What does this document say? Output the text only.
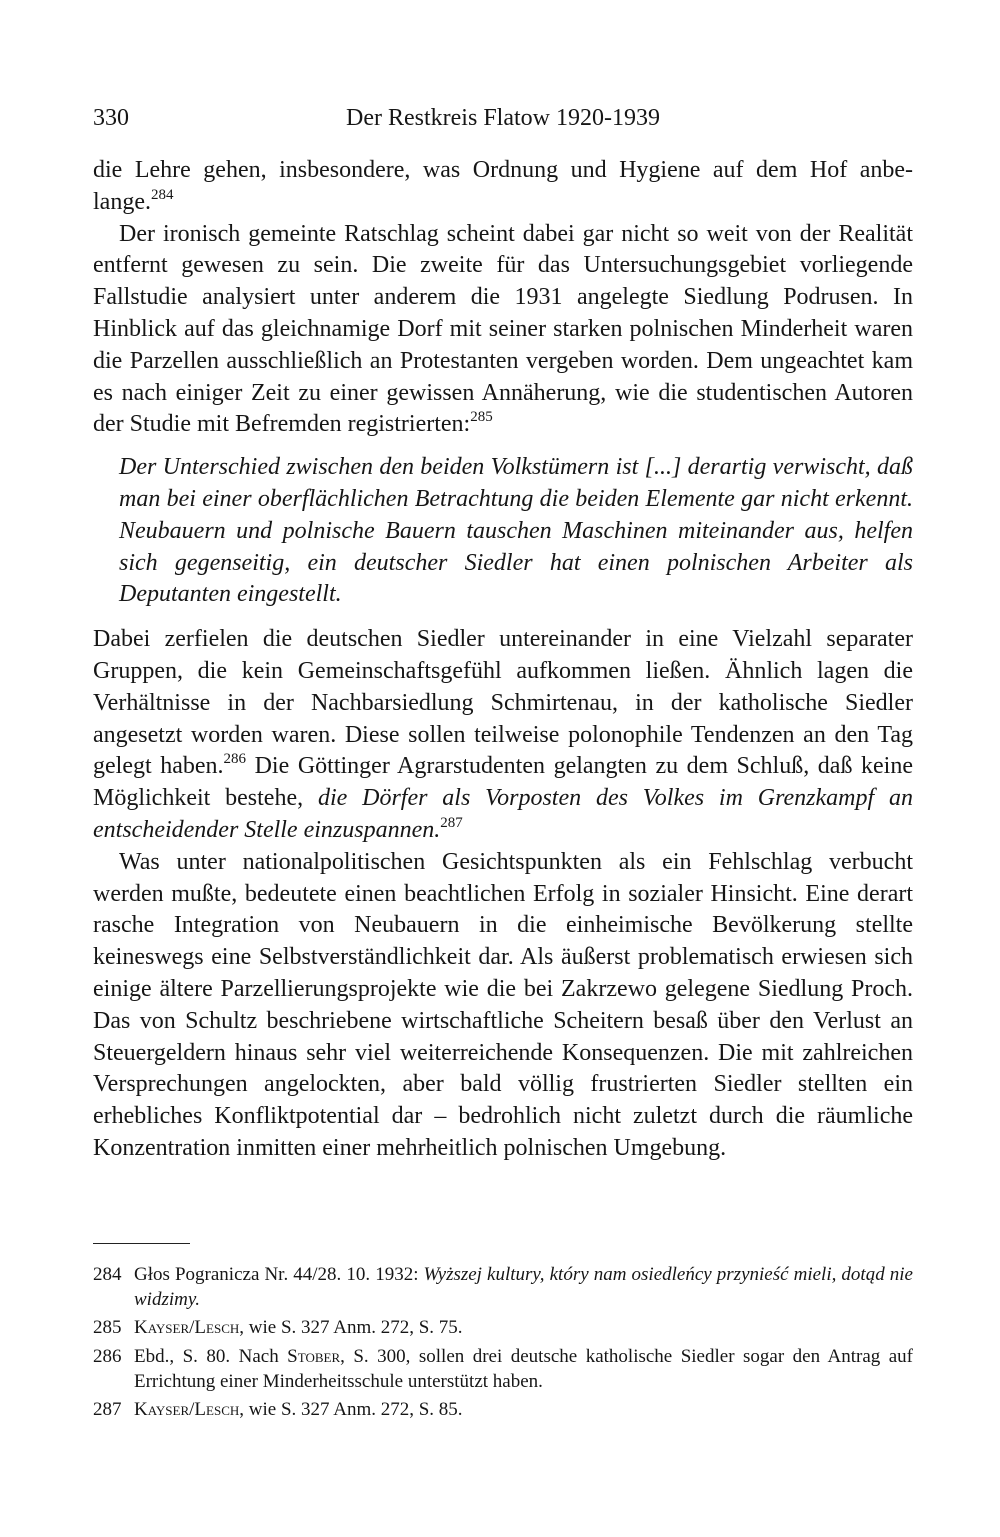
330	Der Restkreis Flatow 1920-1939

die Lehre gehen, insbesondere, was Ordnung und Hygiene auf dem Hof anbe-lange.$^{284}$

Der ironisch gemeinte Ratschlag scheint dabei gar nicht so weit von der Realität entfernt gewesen zu sein. Die zweite für das Untersuchungsgebiet vorliegende Fallstudie analysiert unter anderem die 1931 angelegte Siedlung Podrusen. In Hinblick auf das gleichnamige Dorf mit seiner starken polnischen Minderheit waren die Parzellen ausschließlich an Protestanten vergeben worden. Dem ungeachtet kam es nach einiger Zeit zu einer gewissen Annäherung, wie die studentischen Autoren der Studie mit Befremden registrierten:$^{285}$

Der Unterschied zwischen den beiden Volkstümern ist [...] derartig verwischt, daß man bei einer oberflächlichen Betrachtung die beiden Elemente gar nicht erkennt. Neubauern und polnische Bauern tauschen Maschinen miteinander aus, helfen sich gegenseitig, ein deutscher Siedler hat einen polnischen Arbeiter als Deputanten eingestellt.

Dabei zerfielen die deutschen Siedler untereinander in eine Vielzahl separater Gruppen, die kein Gemeinschaftsgefühl aufkommen ließen. Ähnlich lagen die Verhältnisse in der Nachbarsiedlung Schmirtenau, in der katholische Siedler angesetzt worden waren. Diese sollen teilweise polonophile Tendenzen an den Tag gelegt haben.$^{286}$ Die Göttinger Agrarstudenten gelangten zu dem Schluß, daß keine Möglichkeit bestehe, die Dörfer als Vorposten des Volkes im Grenzkampf an entscheidender Stelle einzuspannen.$^{287}$

Was unter nationalpolitischen Gesichtspunkten als ein Fehlschlag verbucht werden mußte, bedeutete einen beachtlichen Erfolg in sozialer Hinsicht. Eine derart rasche Integration von Neubauern in die einheimische Bevölkerung stellte keineswegs eine Selbstverständlichkeit dar. Als äußerst problematisch erwiesen sich einige ältere Parzellierungsprojekte wie die bei Zakrzewo gelegene Siedlung Proch. Das von Schultz beschriebene wirtschaftliche Scheitern besaß über den Verlust an Steuergeldern hinaus sehr viel weiterreichende Konsequenzen. Die mit zahlreichen Versprechungen angelockten, aber bald völlig frustrierten Siedler stellten ein erhebliches Konfliktpotential dar – bedrohlich nicht zuletzt durch die räumliche Konzentration inmitten einer mehrheitlich polnischen Umgebung.

284 Głos Pogranicza Nr. 44/28. 10. 1932: Wyższej kultury, który nam osiedleńcy przynieść mieli, dotąd nie widzimy.
285 Kayser/Lesch, wie S. 327 Anm. 272, S. 75.
286 Ebd., S. 80. Nach Stober, S. 300, sollen drei deutsche katholische Siedler sogar den Antrag auf Errichtung einer Minderheitsschule unterstützt haben.
287 Kayser/Lesch, wie S. 327 Anm. 272, S. 85.
